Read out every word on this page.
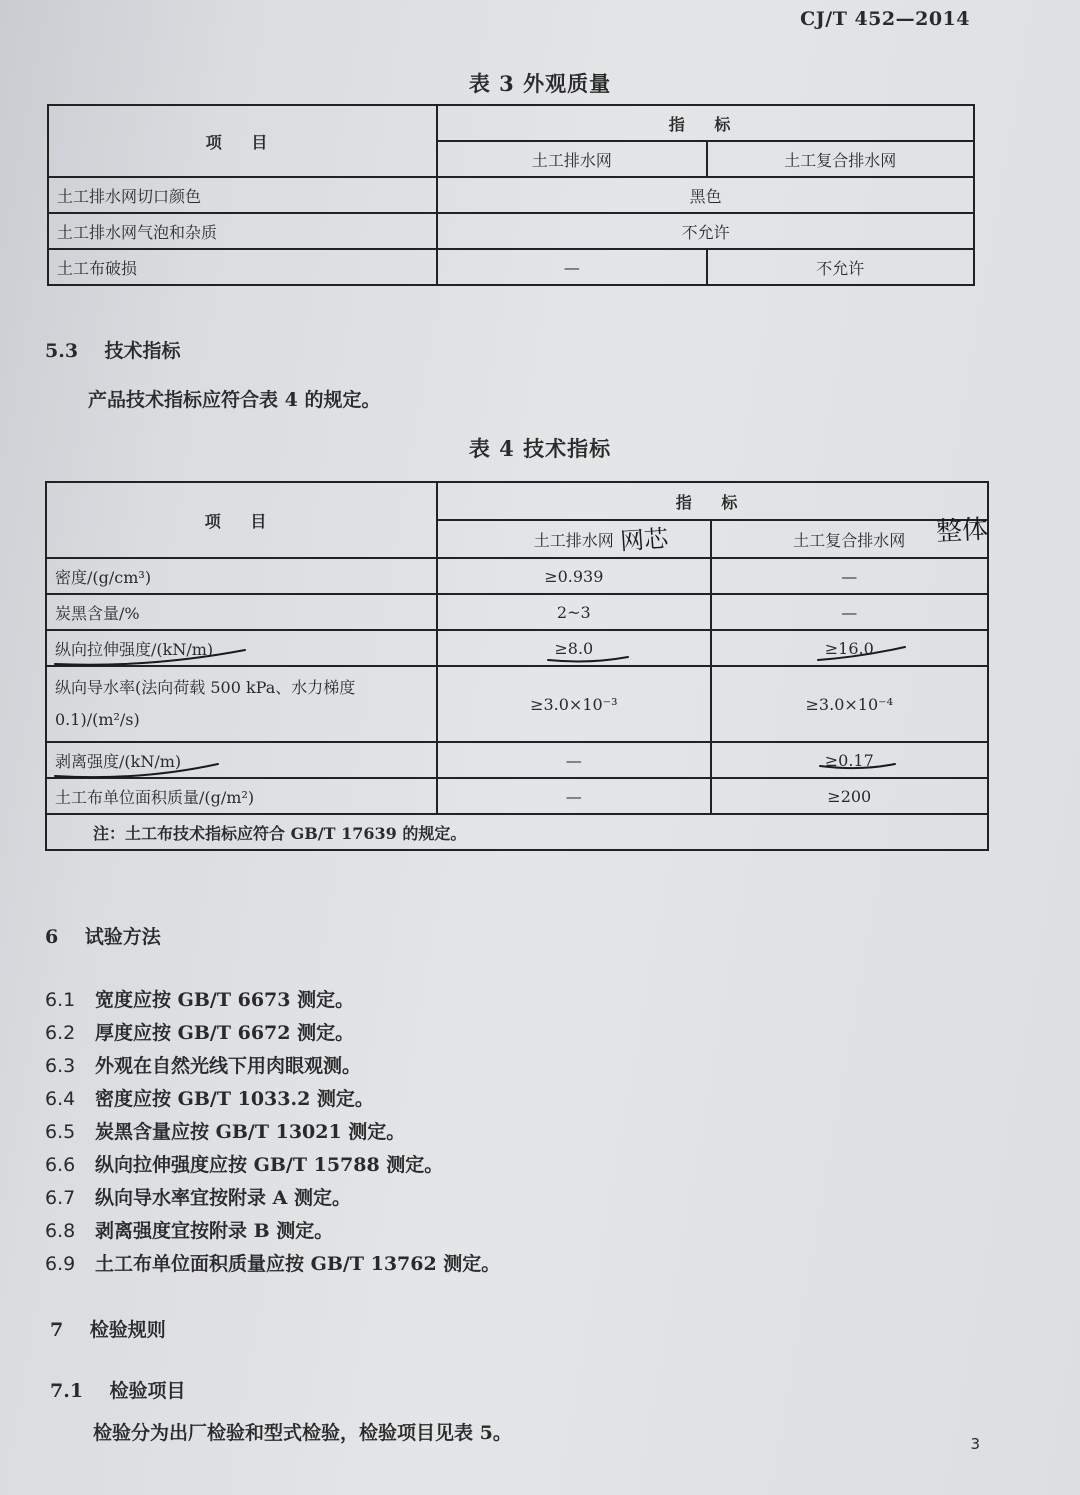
CJ/T 452—2014
表 3 外观质量
项 目	指 标	
	土工排水网	土工复合排水网
土工排水网切口颜色	黑色	
土工排水网气泡和杂质	不允许	
土工布破损	—	不允许
5.3 技术指标
产品技术指标应符合表 4 的规定。
表 4 技术指标
项 目	指 标	
	土工排水网	土工复合排水网
密度/(g/cm³)	≥0.939	—
炭黑含量/%	2~3	—
纵向拉伸强度/(kN/m)	≥8.0	≥16.0
纵向导水率(法向荷载 500 kPa、水力梯度 0.1)/(m²/s)	≥3.0×10⁻³	≥3.0×10⁻⁴
剥离强度/(kN/m)	—	≥0.17
土工布单位面积质量/(g/m²)	—	≥200
注：土工布技术指标应符合 GB/T 17639 的规定。		
网芯	整体
6 试验方法
6.1 宽度应按 GB/T 6673 测定。
6.2 厚度应按 GB/T 6672 测定。
6.3 外观在自然光线下用肉眼观测。
6.4 密度应按 GB/T 1033.2 测定。
6.5 炭黑含量应按 GB/T 13021 测定。
6.6 纵向拉伸强度应按 GB/T 15788 测定。
6.7 纵向导水率宜按附录 A 测定。
6.8 剥离强度宜按附录 B 测定。
6.9 土工布单位面积质量应按 GB/T 13762 测定。
7 检验规则
7.1 检验项目
检验分为出厂检验和型式检验，检验项目见表 5。	3
